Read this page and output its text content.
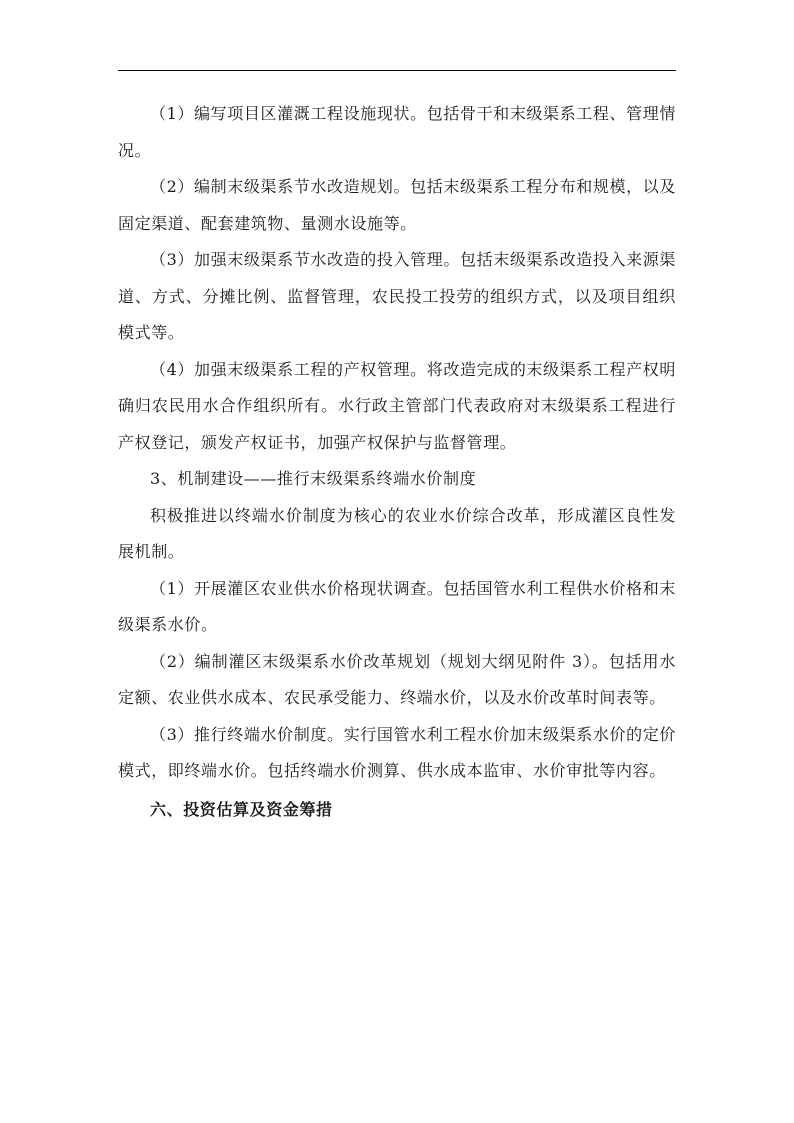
（1）编写项目区灌溉工程设施现状。包括骨干和末级渠系工程、管理情况。

（2）编制末级渠系节水改造规划。包括末级渠系工程分布和规模，以及固定渠道、配套建筑物、量测水设施等。

（3）加强末级渠系节水改造的投入管理。包括末级渠系改造投入来源渠道、方式、分摊比例、监督管理，农民投工投劳的组织方式，以及项目组织模式等。

（4）加强末级渠系工程的产权管理。将改造完成的末级渠系工程产权明确归农民用水合作组织所有。水行政主管部门代表政府对末级渠系工程进行产权登记，颁发产权证书，加强产权保护与监督管理。

3、机制建设——推行末级渠系终端水价制度

积极推进以终端水价制度为核心的农业水价综合改革，形成灌区良性发展机制。

（1）开展灌区农业供水价格现状调查。包括国管水利工程供水价格和末级渠系水价。

（2）编制灌区末级渠系水价改革规划（规划大纲见附件 3）。包括用水定额、农业供水成本、农民承受能力、终端水价，以及水价改革时间表等。

（3）推行终端水价制度。实行国管水利工程水价加末级渠系水价的定价模式，即终端水价。包括终端水价测算、供水成本监审、水价审批等内容。

六、投资估算及资金筹措
